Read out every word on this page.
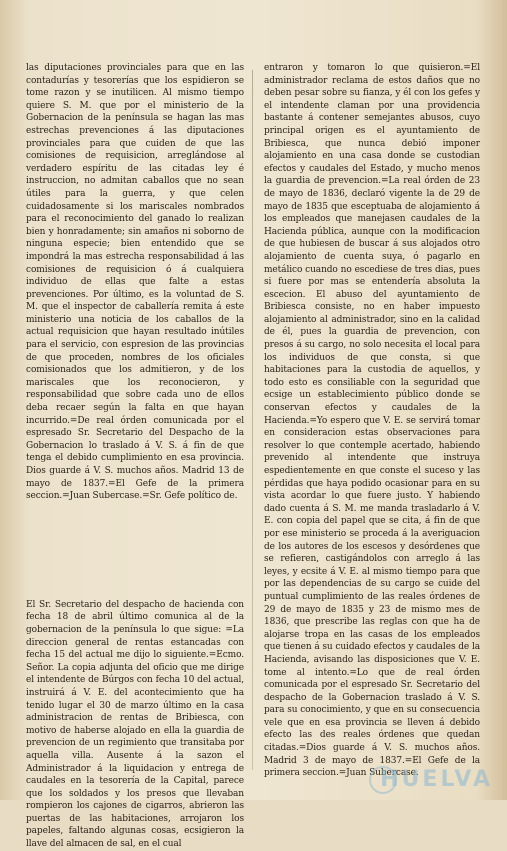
las diputaciones provinciales para que en las contadurías y tesorerías que los espidieron se tome razon y se inutilicen. Al mismo tiempo quiere S. M. que por el ministerio de la Gobernacion de la península se hagan las mas estrechas prevenciones á las diputaciones provinciales para que cuiden de que las comisiones de requisicion, arreglándose al verdadero espíritu de las citadas ley é instruccion, no admitan caballos que no sean útiles para la guerra, y que celen cuidadosamente si los mariscales nombrados para el reconocimiento del ganado lo realizan bien y honradamente; sin amaños ni soborno de ninguna especie; bien entendido que se impondrá la mas estrecha responsabilidad á las comisiones de requisicion ó á cualquiera individuo de ellas que falte a estas prevenciones. Por último, es la voluntad de S. M. que el inspector de caballería remita á este ministerio una noticia de los caballos de la actual requisicion que hayan resultado inútiles para el servicio, con espresion de las provincias de que proceden, nombres de los oficiales comisionados que los admitieron, y de los mariscales que los reconocieron, y responsabilidad que sobre cada uno de ellos deba recaer según la falta en que hayan incurrido.=De real órden comunicada por el espresado Sr. Secretario del Despacho de la Gobernacion lo traslado á V. S. á fin de que tenga el debido cumplimiento en esa provincia. Dios guarde á V. S. muchos años. Madrid 13 de mayo de 1837.=El Gefe de la primera seccion.=Juan Subercase.=Sr. Gefe político de.

El Sr. Secretario del despacho de hacienda con fecha 18 de abril último comunica al de la gobernacion de la península lo que sigue: =La direccion general de rentas estancadas con fecha 15 del actual me dijo lo siguiente.=Ecmo. Señor. La copia adjunta del oficio que me dirige el intendente de Búrgos con fecha 10 del actual, instruirá á V. E. del acontecimiento que ha tenido lugar el 30 de marzo último en la casa administracion de rentas de Bribiesca, con motivo de haberse alojado en ella la guardia de prevencion de un regimiento que transitaba por aquella villa. Ausente á la sazon el Administrador á la liquidacion y entrega de caudales en la tesorería de la Capital, parece que los soldados y los presos que llevaban rompieron los cajones de cigarros, abrieron las puertas de las habitaciones, arrojaron los papeles, faltando algunas cosas, ecsigieron la llave del almacen de sal, en el cual

entraron y tomaron lo que quisieron.=El administrador reclama de estos daños que no deben pesar sobre su fianza, y él con los gefes y el intendente claman por una providencia bastante á contener semejantes abusos, cuyo principal origen es el ayuntamiento de Bribiesca, que nunca debió imponer alojamiento en una casa donde se custodian efectos y caudales del Estado, y mucho menos la guardia de prevencion.=La real órden de 23 de mayo de 1836, declaró vigente la de 29 de mayo de 1835 que esceptuaba de alojamiento á los empleados que manejasen caudales de la Hacienda pública, aunque con la modificacion de que hubiesen de buscar á sus alojados otro alojamiento de cuenta suya, ó pagarlo en metálico cuando no escediese de tres dias, pues si fuere por mas se entendería absoluta la escecion. El abuso del ayuntamiento de Bribiesca consiste, no en haber impuesto alojamiento al administrador, sino en la calidad de él, pues la guardia de prevencion, con presos á su cargo, no solo necesita el local para los individuos de que consta, si que habitaciones para la custodia de aquellos, y todo esto es consiliable con la seguridad que ecsige un establecimiento público donde se conservan efectos y caudales de la Hacienda.=Yo espero que V. E. se servirá tomar en consideracion estas observaciones para resolver lo que contemple acertado, habiendo prevenido al intendente que instruya espedientemente en que conste el suceso y las pérdidas que haya podido ocasionar para en su vista acordar lo que fuere justo. Y habiendo dado cuenta á S. M. me manda trasladarlo á V. E. con copia del papel que se cita, á fin de que por ese ministerio se proceda á la averiguacion de los autores de los escesos y desórdenes que se refieren, castigándolos con arreglo á las leyes, y ecsite á V. E. al mismo tiempo para que por las dependencias de su cargo se cuide del puntual cumplimiento de las reales órdenes de 29 de mayo de 1835 y 23 de mismo mes de 1836, que prescribe las reglas con que ha de alojarse tropa en las casas de los empleados que tienen á su cuidado efectos y caudales de la Hacienda, avisando las disposiciones que V. E. tome al intento.=Lo que de real órden comunicada por el espresado Sr. Secretario del despacho de la Gobernacion traslado á V. S. para su conocimiento, y que en su consecuencia vele que en esa provincia se lleven á debido efecto las des reales órdenes que quedan citadas.=Dios guarde á V. S. muchos años. Madrid 3 de mayo de 1837.=El Gefe de la primera seccion.=Juan Subercase.

HUELVA
